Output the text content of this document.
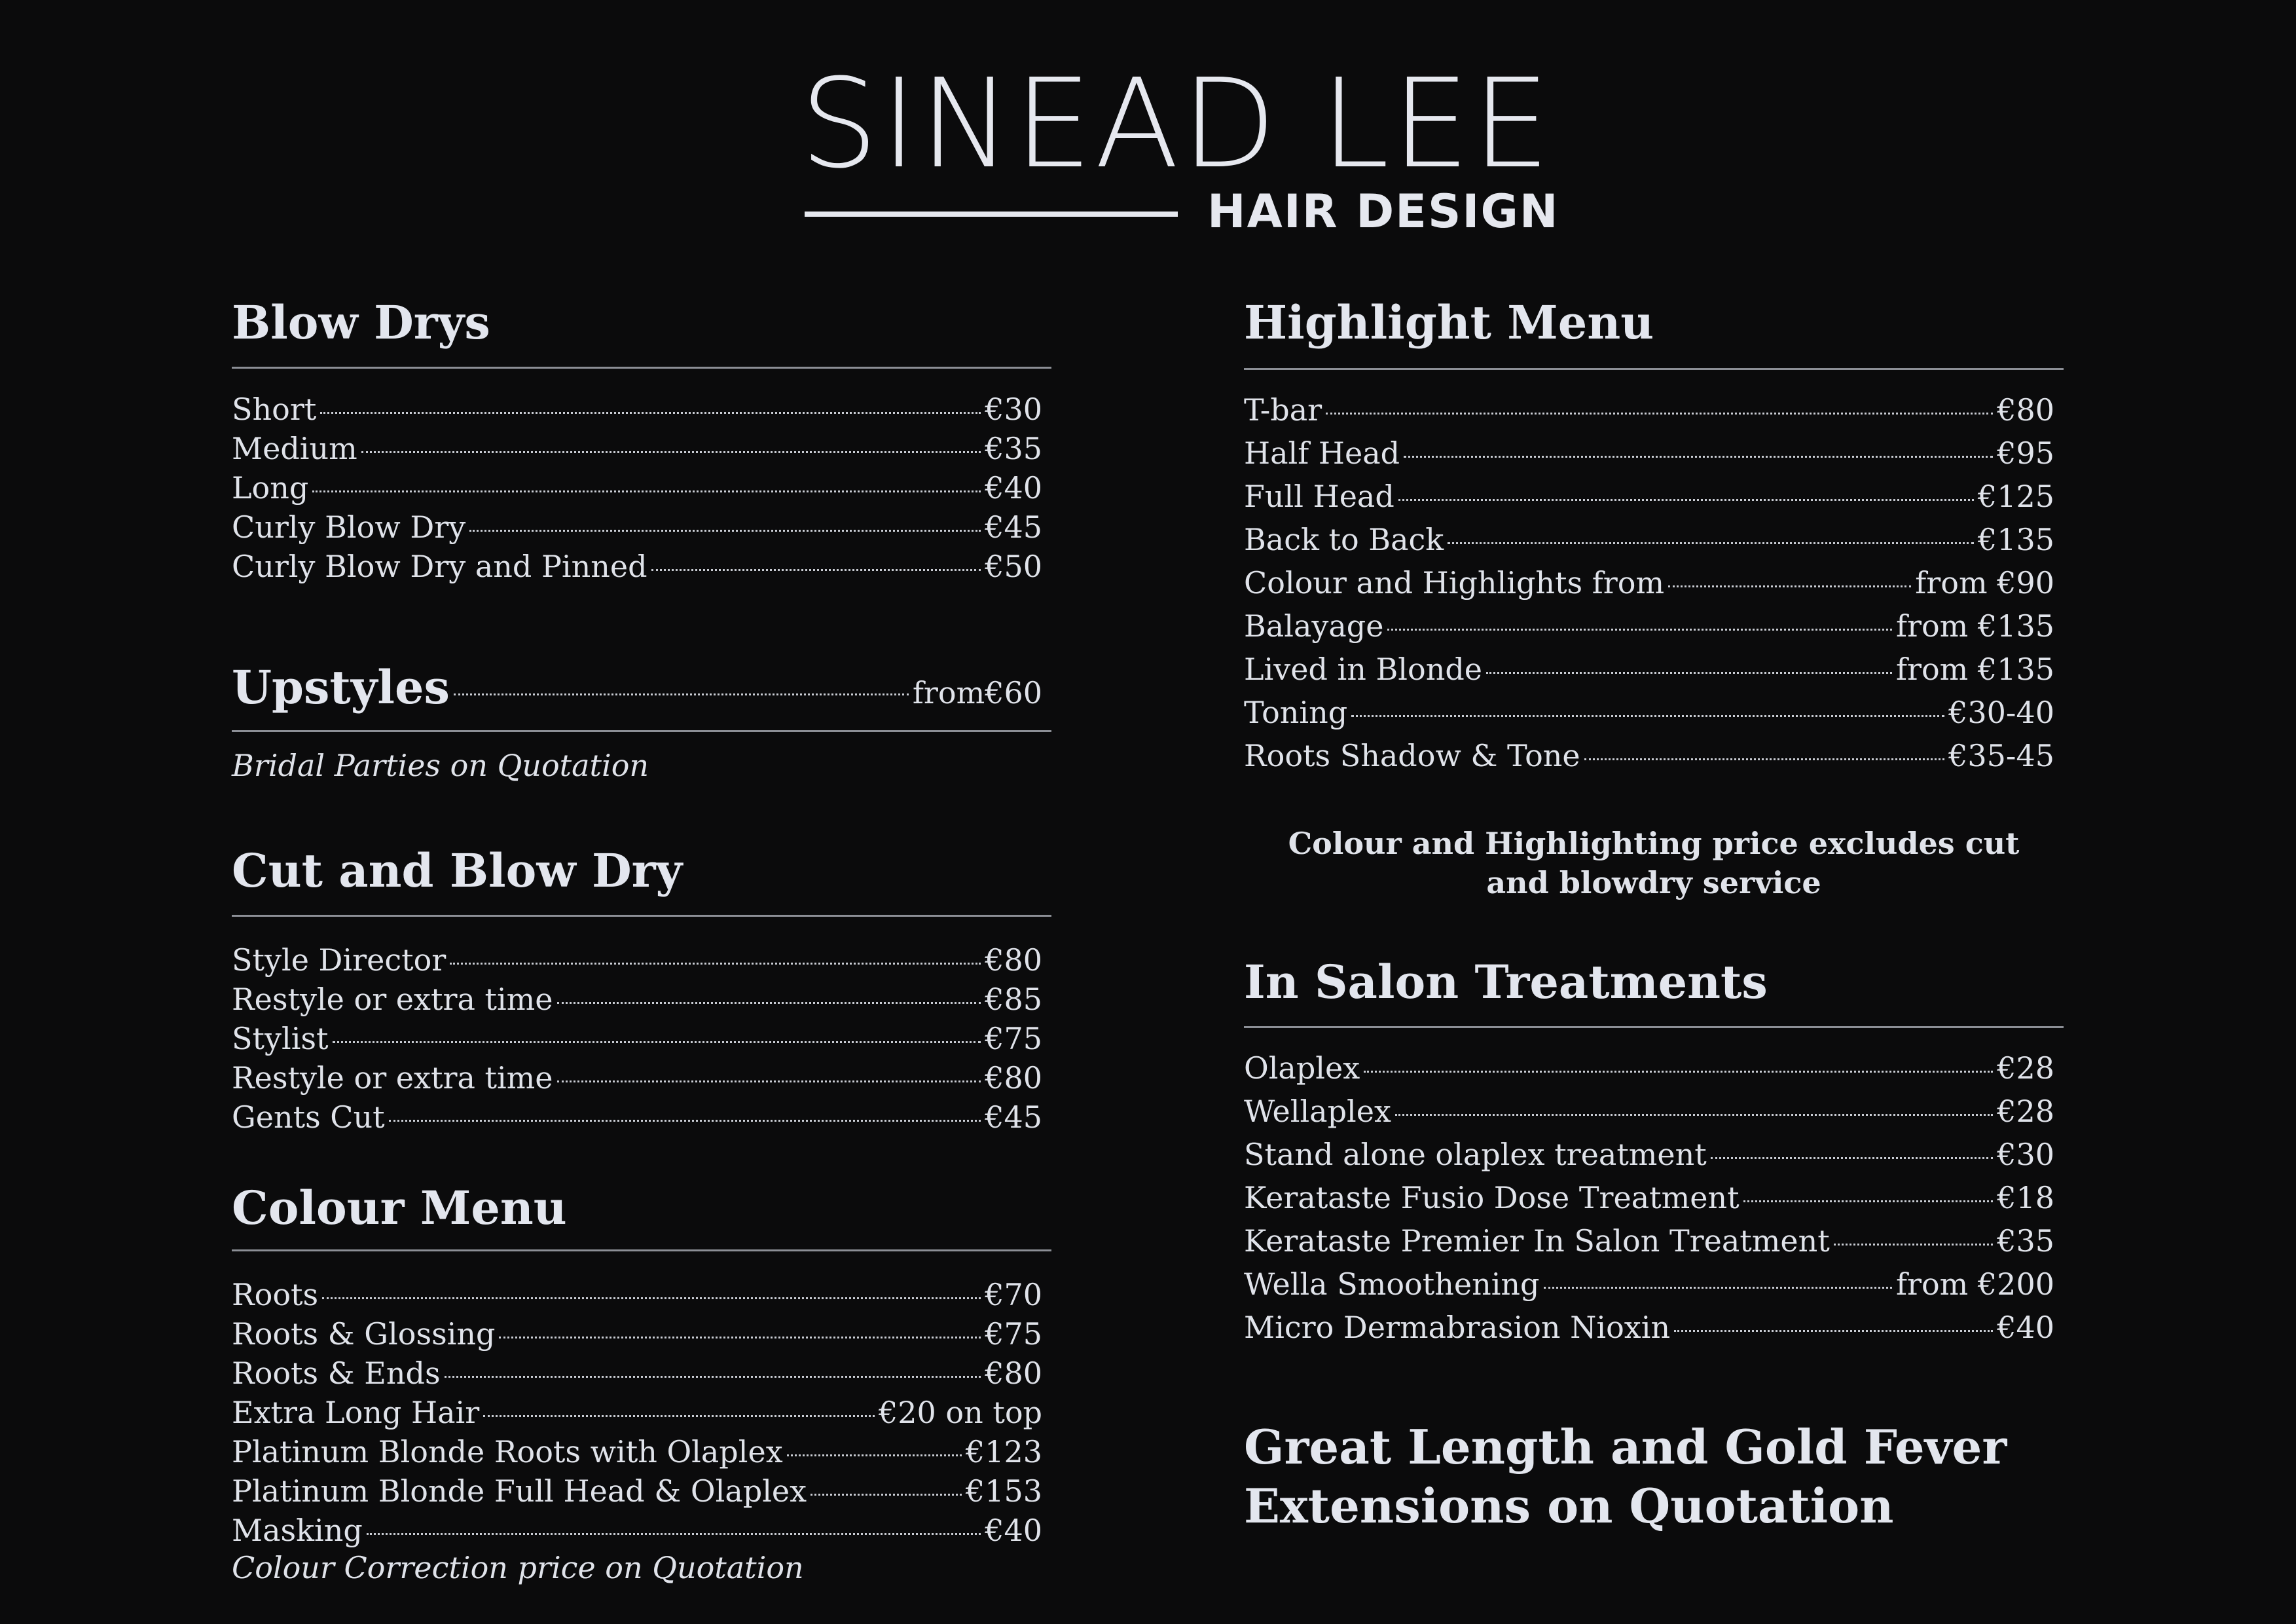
SINEAD LEE
HAIR DESIGN
Blow Drys
Short	€30
Medium	€35
Long	€40
Curly Blow Dry	€45
Curly Blow Dry and Pinned	€50
Upstyles	from€60
Bridal Parties on Quotation
Cut and Blow Dry
Style Director	€80
Restyle or extra time	€85
Stylist	€75
Restyle or extra time	€80
Gents Cut	€45
Colour Menu
Roots	€70
Roots & Glossing	€75
Roots & Ends	€80
Extra Long Hair	€20 on top
Platinum Blonde Roots with Olaplex	€123
Platinum Blonde Full Head & Olaplex	€153
Masking	€40
Colour Correction price on Quotation
Highlight Menu
T-bar	€80
Half Head	€95
Full Head	€125
Back to Back	€135
Colour and Highlights from	from €90
Balayage	from €135
Lived in Blonde	from €135
Toning	€30-40
Roots Shadow & Tone	€35-45
Colour and Highlighting price excludes cut
and blowdry service
In Salon Treatments
Olaplex	€28
Wellaplex	€28
Stand alone olaplex treatment	€30
Kerataste Fusio Dose Treatment	€18
Kerataste Premier In Salon Treatment	€35
Wella Smoothening	from €200
Micro Dermabrasion Nioxin	€40
Great Length and Gold Fever
Extensions on Quotation
